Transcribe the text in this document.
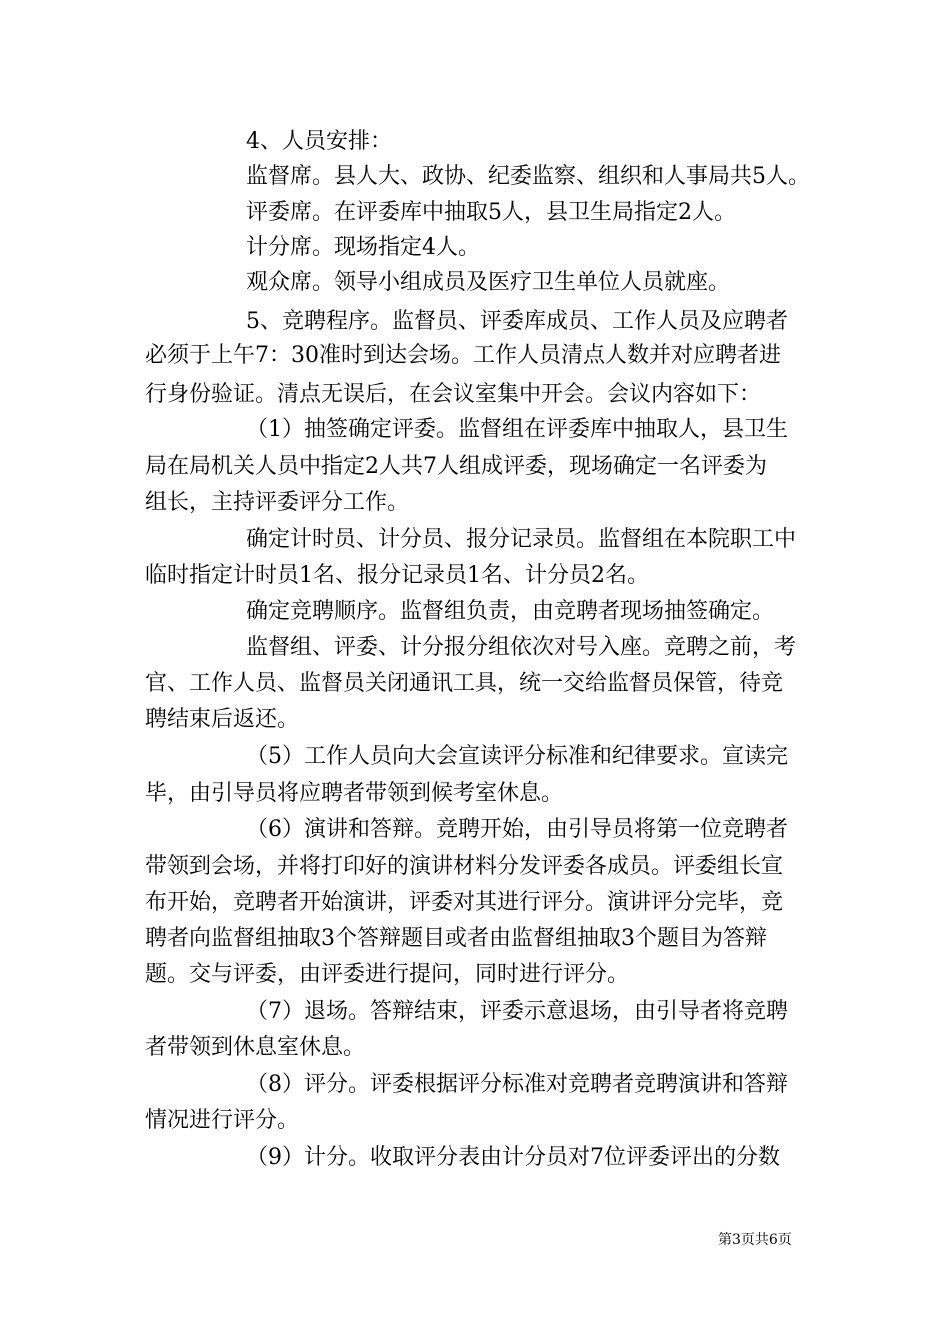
4、人员安排：
监督席。县人大、政协、纪委监察、组织和人事局共5人。
评委席。在评委库中抽取5人，县卫生局指定2人。
计分席。现场指定4人。
观众席。领导小组成员及医疗卫生单位人员就座。
5、竞聘程序。监督员、评委库成员、工作人员及应聘者
必须于上午7：30准时到达会场。工作人员清点人数并对应聘者进
行身份验证。清点无误后，在会议室集中开会。会议内容如下：
（1）抽签确定评委。监督组在评委库中抽取人，县卫生
局在局机关人员中指定2人共7人组成评委，现场确定一名评委为
组长，主持评委评分工作。
确定计时员、计分员、报分记录员。监督组在本院职工中
临时指定计时员1名、报分记录员1名、计分员2名。
确定竞聘顺序。监督组负责，由竞聘者现场抽签确定。
监督组、评委、计分报分组依次对号入座。竞聘之前，考
官、工作人员、监督员关闭通讯工具，统一交给监督员保管，待竞
聘结束后返还。
（5）工作人员向大会宣读评分标准和纪律要求。宣读完
毕，由引导员将应聘者带领到候考室休息。
（6）演讲和答辩。竞聘开始，由引导员将第一位竞聘者
带领到会场，并将打印好的演讲材料分发评委各成员。评委组长宣
布开始，竞聘者开始演讲，评委对其进行评分。演讲评分完毕，竞
聘者向监督组抽取3个答辩题目或者由监督组抽取3个题目为答辩
题。交与评委，由评委进行提问，同时进行评分。
（7）退场。答辩结束，评委示意退场，由引导者将竞聘
者带领到休息室休息。
（8）评分。评委根据评分标准对竞聘者竞聘演讲和答辩
情况进行评分。
（9）计分。收取评分表由计分员对7位评委评出的分数
第3页共6页
